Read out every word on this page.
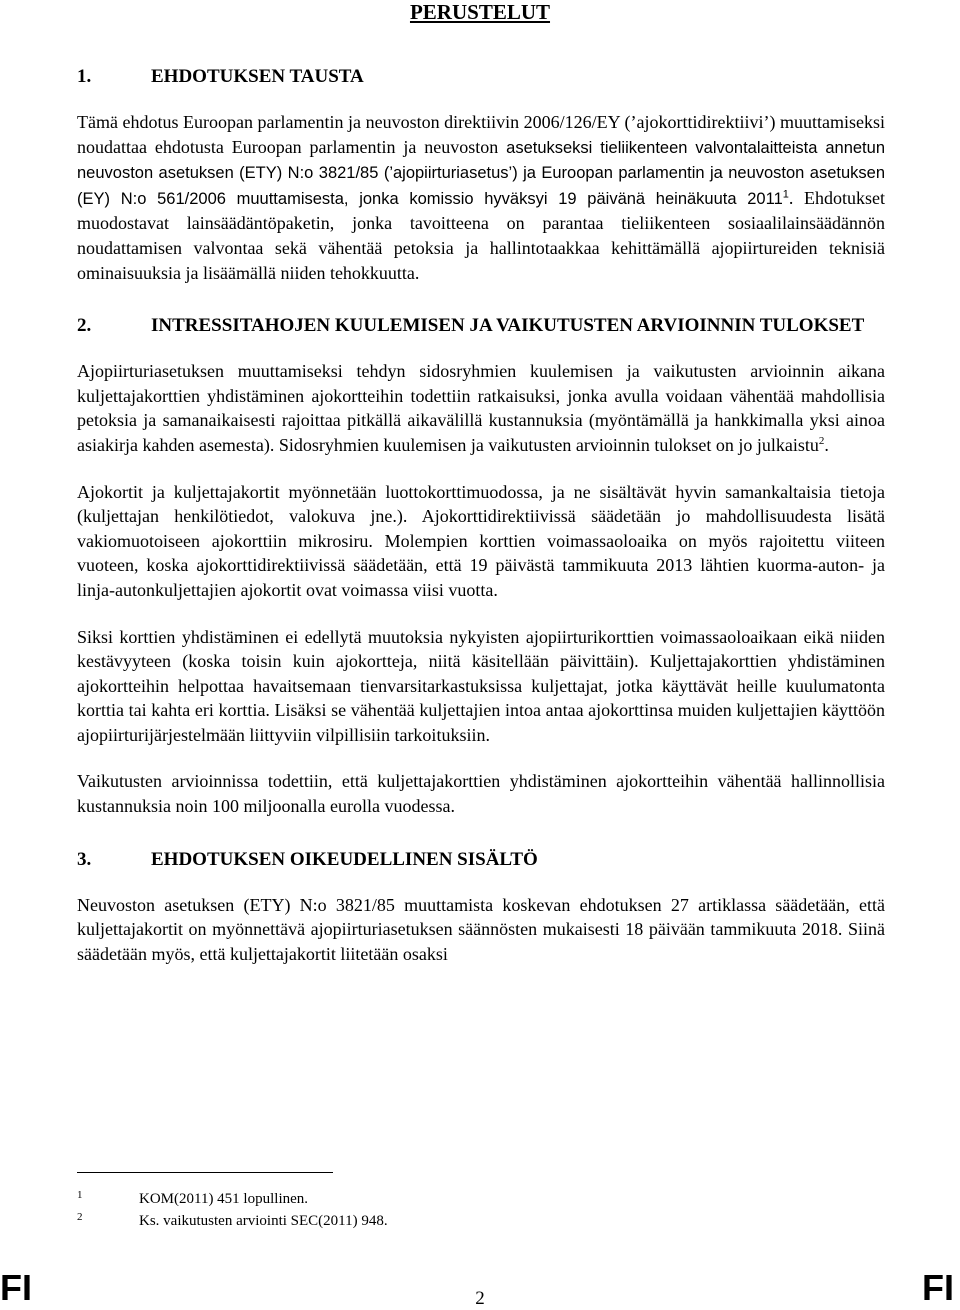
PERUSTELUT
1.	EHDOTUKSEN TAUSTA

Tämä ehdotus Euroopan parlamentin ja neuvoston direktiivin 2006/126/EY (’ajokorttidirektiivi’) muuttamiseksi noudattaa ehdotusta Euroopan parlamentin ja neuvoston asetukseksi tieliikenteen valvontalaitteista annetun neuvoston asetuksen (ETY) N:o 3821/85 (’ajopiirturiasetus’) ja Euroopan parlamentin ja neuvoston asetuksen (EY) N:o 561/2006 muuttamisesta, jonka komissio hyväksyi 19 päivänä heinäkuuta 2011$^1$. Ehdotukset muodostavat lainsäädäntöpaketin, jonka tavoitteena on parantaa tieliikenteen sosiaalilainsäädännön noudattamisen valvontaa sekä vähentää petoksia ja hallintotaakkaa kehittämällä ajopiirtureiden teknisiä ominaisuuksia ja lisäämällä niiden tehokkuutta.

2.	INTRESSITAHOJEN KUULEMISEN JA VAIKUTUSTEN ARVIOINNIN TULOKSET

Ajopiirturiasetuksen muuttamiseksi tehdyn sidosryhmien kuulemisen ja vaikutusten arvioinnin aikana kuljettajakorttien yhdistäminen ajokortteihin todettiin ratkaisuksi, jonka avulla voidaan vähentää mahdollisia petoksia ja samanaikaisesti rajoittaa pitkällä aikavälillä kustannuksia (myöntämällä ja hankkimalla yksi ainoa asiakirja kahden asemesta). Sidosryhmien kuulemisen ja vaikutusten arvioinnin tulokset on jo julkaistu$^2$.

Ajokortit ja kuljettajakortit myönnetään luottokorttimuodossa, ja ne sisältävät hyvin samankaltaisia tietoja (kuljettajan henkilötiedot, valokuva jne.). Ajokorttidirektiivissä säädetään jo mahdollisuudesta lisätä vakiomuotoiseen ajokorttiin mikrosiru. Molempien korttien voimassaoloaika on myös rajoitettu viiteen vuoteen, koska ajokorttidirektiivissä säädetään, että 19 päivästä tammikuuta 2013 lähtien kuorma-auton- ja linja-autonkuljettajien ajokortit ovat voimassa viisi vuotta.

Siksi korttien yhdistäminen ei edellytä muutoksia nykyisten ajopiirturikorttien voimassaoloaikaan eikä niiden kestävyyteen (koska toisin kuin ajokortteja, niitä käsitellään päivittäin). Kuljettajakorttien yhdistäminen ajokortteihin helpottaa havaitsemaan tienvarsitarkastuksissa kuljettajat, jotka käyttävät heille kuulumatonta korttia tai kahta eri korttia. Lisäksi se vähentää kuljettajien intoa antaa ajokorttinsa muiden kuljettajien käyttöön ajopiirturijärjestelmään liittyviin vilpillisiin tarkoituksiin.

Vaikutusten arvioinnissa todettiin, että kuljettajakorttien yhdistäminen ajokortteihin vähentää hallinnollisia kustannuksia noin 100 miljoonalla eurolla vuodessa.

3.	EHDOTUKSEN OIKEUDELLINEN SISÄLTÖ

Neuvoston asetuksen (ETY) N:o 3821/85 muuttamista koskevan ehdotuksen 27 artiklassa säädetään, että kuljettajakortit on myönnettävä ajopiirturiasetuksen säännösten mukaisesti 18 päivään tammikuuta 2018. Siinä säädetään myös, että kuljettajakortit liitetään osaksi

1	KOM(2011) 451 lopullinen.
2	Ks. vaikutusten arviointi SEC(2011) 948.
FI	2	FI
